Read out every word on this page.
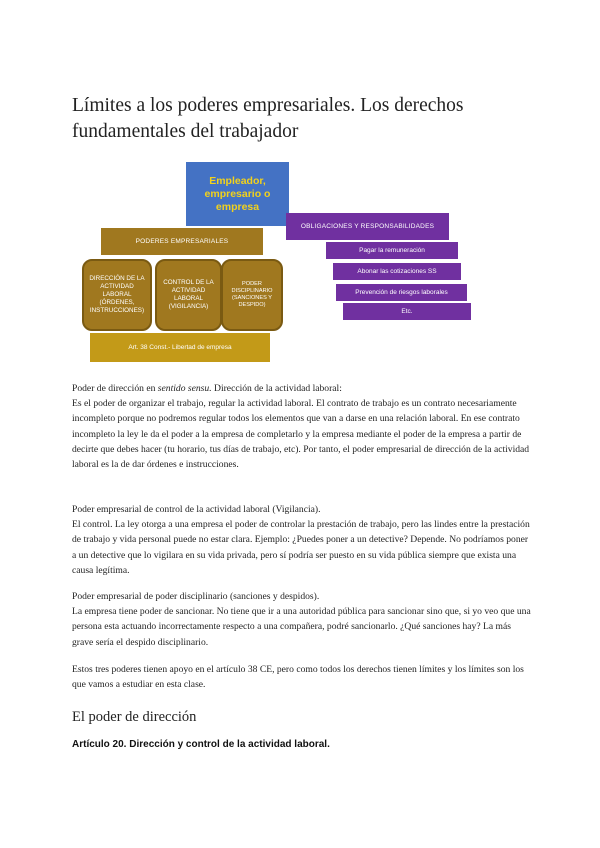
Límites a los poderes empresariales. Los derechos fundamentales del trabajador
Empleador, empresario o empresa
PODERES EMPRESARIALES
DIRECCIÓN DE LA ACTIVIDAD LABORAL (ÓRDENES, INSTRUCCIONES)
CONTROL DE LA ACTIVIDAD LABORAL (VIGILANCIA)
PODER DISCIPLINARIO (SANCIONES Y DESPIDO)
Art. 38 Const.- Libertad de empresa
OBLIGACIONES Y RESPONSABILIDADES
Pagar la remuneración
Abonar las cotizaciones SS
Prevención de riesgos laborales
Etc.

Poder de dirección en sentido sensu. Dirección de la actividad laboral:

Es el poder de organizar el trabajo, regular la actividad laboral. El contrato de trabajo es un contrato necesariamente incompleto porque no podremos regular todos los elementos que van a darse en una relación laboral. En ese contrato incompleto la ley le da el poder a la empresa de completarlo y la empresa mediante el poder de la empresa a partir de decirte que debes hacer (tu horario, tus días de trabajo, etc). Por tanto, el poder empresarial de dirección de la actividad laboral es la de dar órdenes e instrucciones.

Poder empresarial de control de la actividad laboral (Vigilancia).

El control. La ley otorga a una empresa el poder de controlar la prestación de trabajo, pero las lindes entre la prestación de trabajo y vida personal puede no estar clara. Ejemplo: ¿Puedes poner a un detective? Depende. No podríamos poner a un detective que lo vigilara en su vida privada, pero sí podría ser puesto en su vida pública siempre que exista una causa legítima.

Poder empresarial de poder disciplinario (sanciones y despidos).

La empresa tiene poder de sancionar. No tiene que ir a una autoridad pública para sancionar sino que, si yo veo que una persona esta actuando incorrectamente respecto a una compañera, podré sancionarlo. ¿Qué sanciones hay? La más grave sería el despido disciplinario.

Estos tres poderes tienen apoyo en el artículo 38 CE, pero como todos los derechos tienen límites y los límites son los que vamos a estudiar en esta clase.

El poder de dirección
Artículo 20. Dirección y control de la actividad laboral.
